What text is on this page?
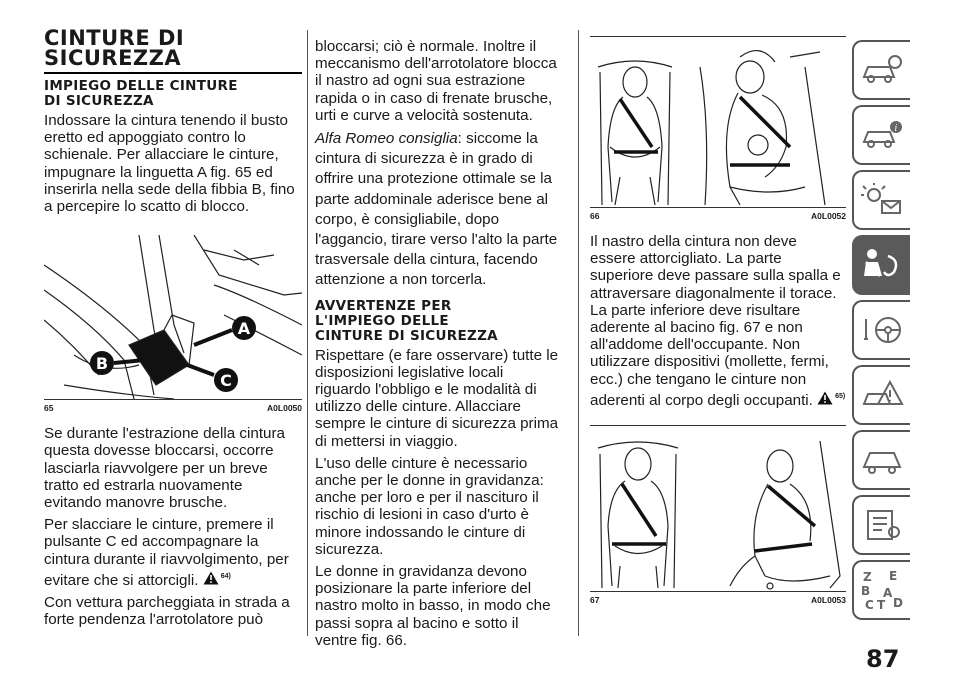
CINTURE DI
SICUREZZA
IMPIEGO DELLE CINTURE
DI SICUREZZA

Indossare la cintura tenendo il busto eretto ed appoggiato contro lo schienale. Per allacciare le cinture, impugnare la linguetta A fig. 65 ed inserirla nella sede della fibbia B, fino a percepire lo scatto di blocco.

A
B
C
65	A0L0050

Se durante l'estrazione della cintura questa dovesse bloccarsi, occorre lasciarla riavvolgere per un breve tratto ed estrarla nuovamente evitando manovre brusche.

Per slacciare le cinture, premere il pulsante C ed accompagnare la cintura durante il riavvolgimento, per evitare che si attorcigli.	64)

Con vettura parcheggiata in strada a forte pendenza l'arrotolatore può

bloccarsi; ciò è normale. Inoltre il meccanismo dell'arrotolatore blocca il nastro ad ogni sua estrazione rapida o in caso di frenate brusche, urti e curve a velocità sostenuta.

Alfa Romeo consiglia: siccome la cintura di sicurezza è in grado di offrire una protezione ottimale se la parte addominale aderisce bene al corpo, è consigliabile, dopo l'aggancio, tirare verso l'alto la parte trasversale della cintura, facendo attenzione a non torcerla.

AVVERTENZE PER
L'IMPIEGO DELLE
CINTURE DI SICUREZZA

Rispettare (e fare osservare) tutte le disposizioni legislative locali riguardo l'obbligo e le modalità di utilizzo delle cinture. Allacciare sempre le cinture di sicurezza prima di mettersi in viaggio.

L'uso delle cinture è necessario anche per le donne in gravidanza: anche per loro e per il nascituro il rischio di lesioni in caso d'urto è minore indossando le cinture di sicurezza.

Le donne in gravidanza devono posizionare la parte inferiore del nastro molto in basso, in modo che passi sopra al bacino e sotto il ventre fig. 66.

66	A0L0052

Il nastro della cintura non deve essere attorcigliato. La parte superiore deve passare sulla spalla e attraversare diagonalmente il torace. La parte inferiore deve risultare aderente al bacino fig. 67 e non all'addome dell'occupante. Non utilizzare dispositivi (mollette, fermi, ecc.) che tengano le cinture non aderenti al corpo degli occupanti.	65)

67	A0L0053
i
Z E
B A
C T D
87
